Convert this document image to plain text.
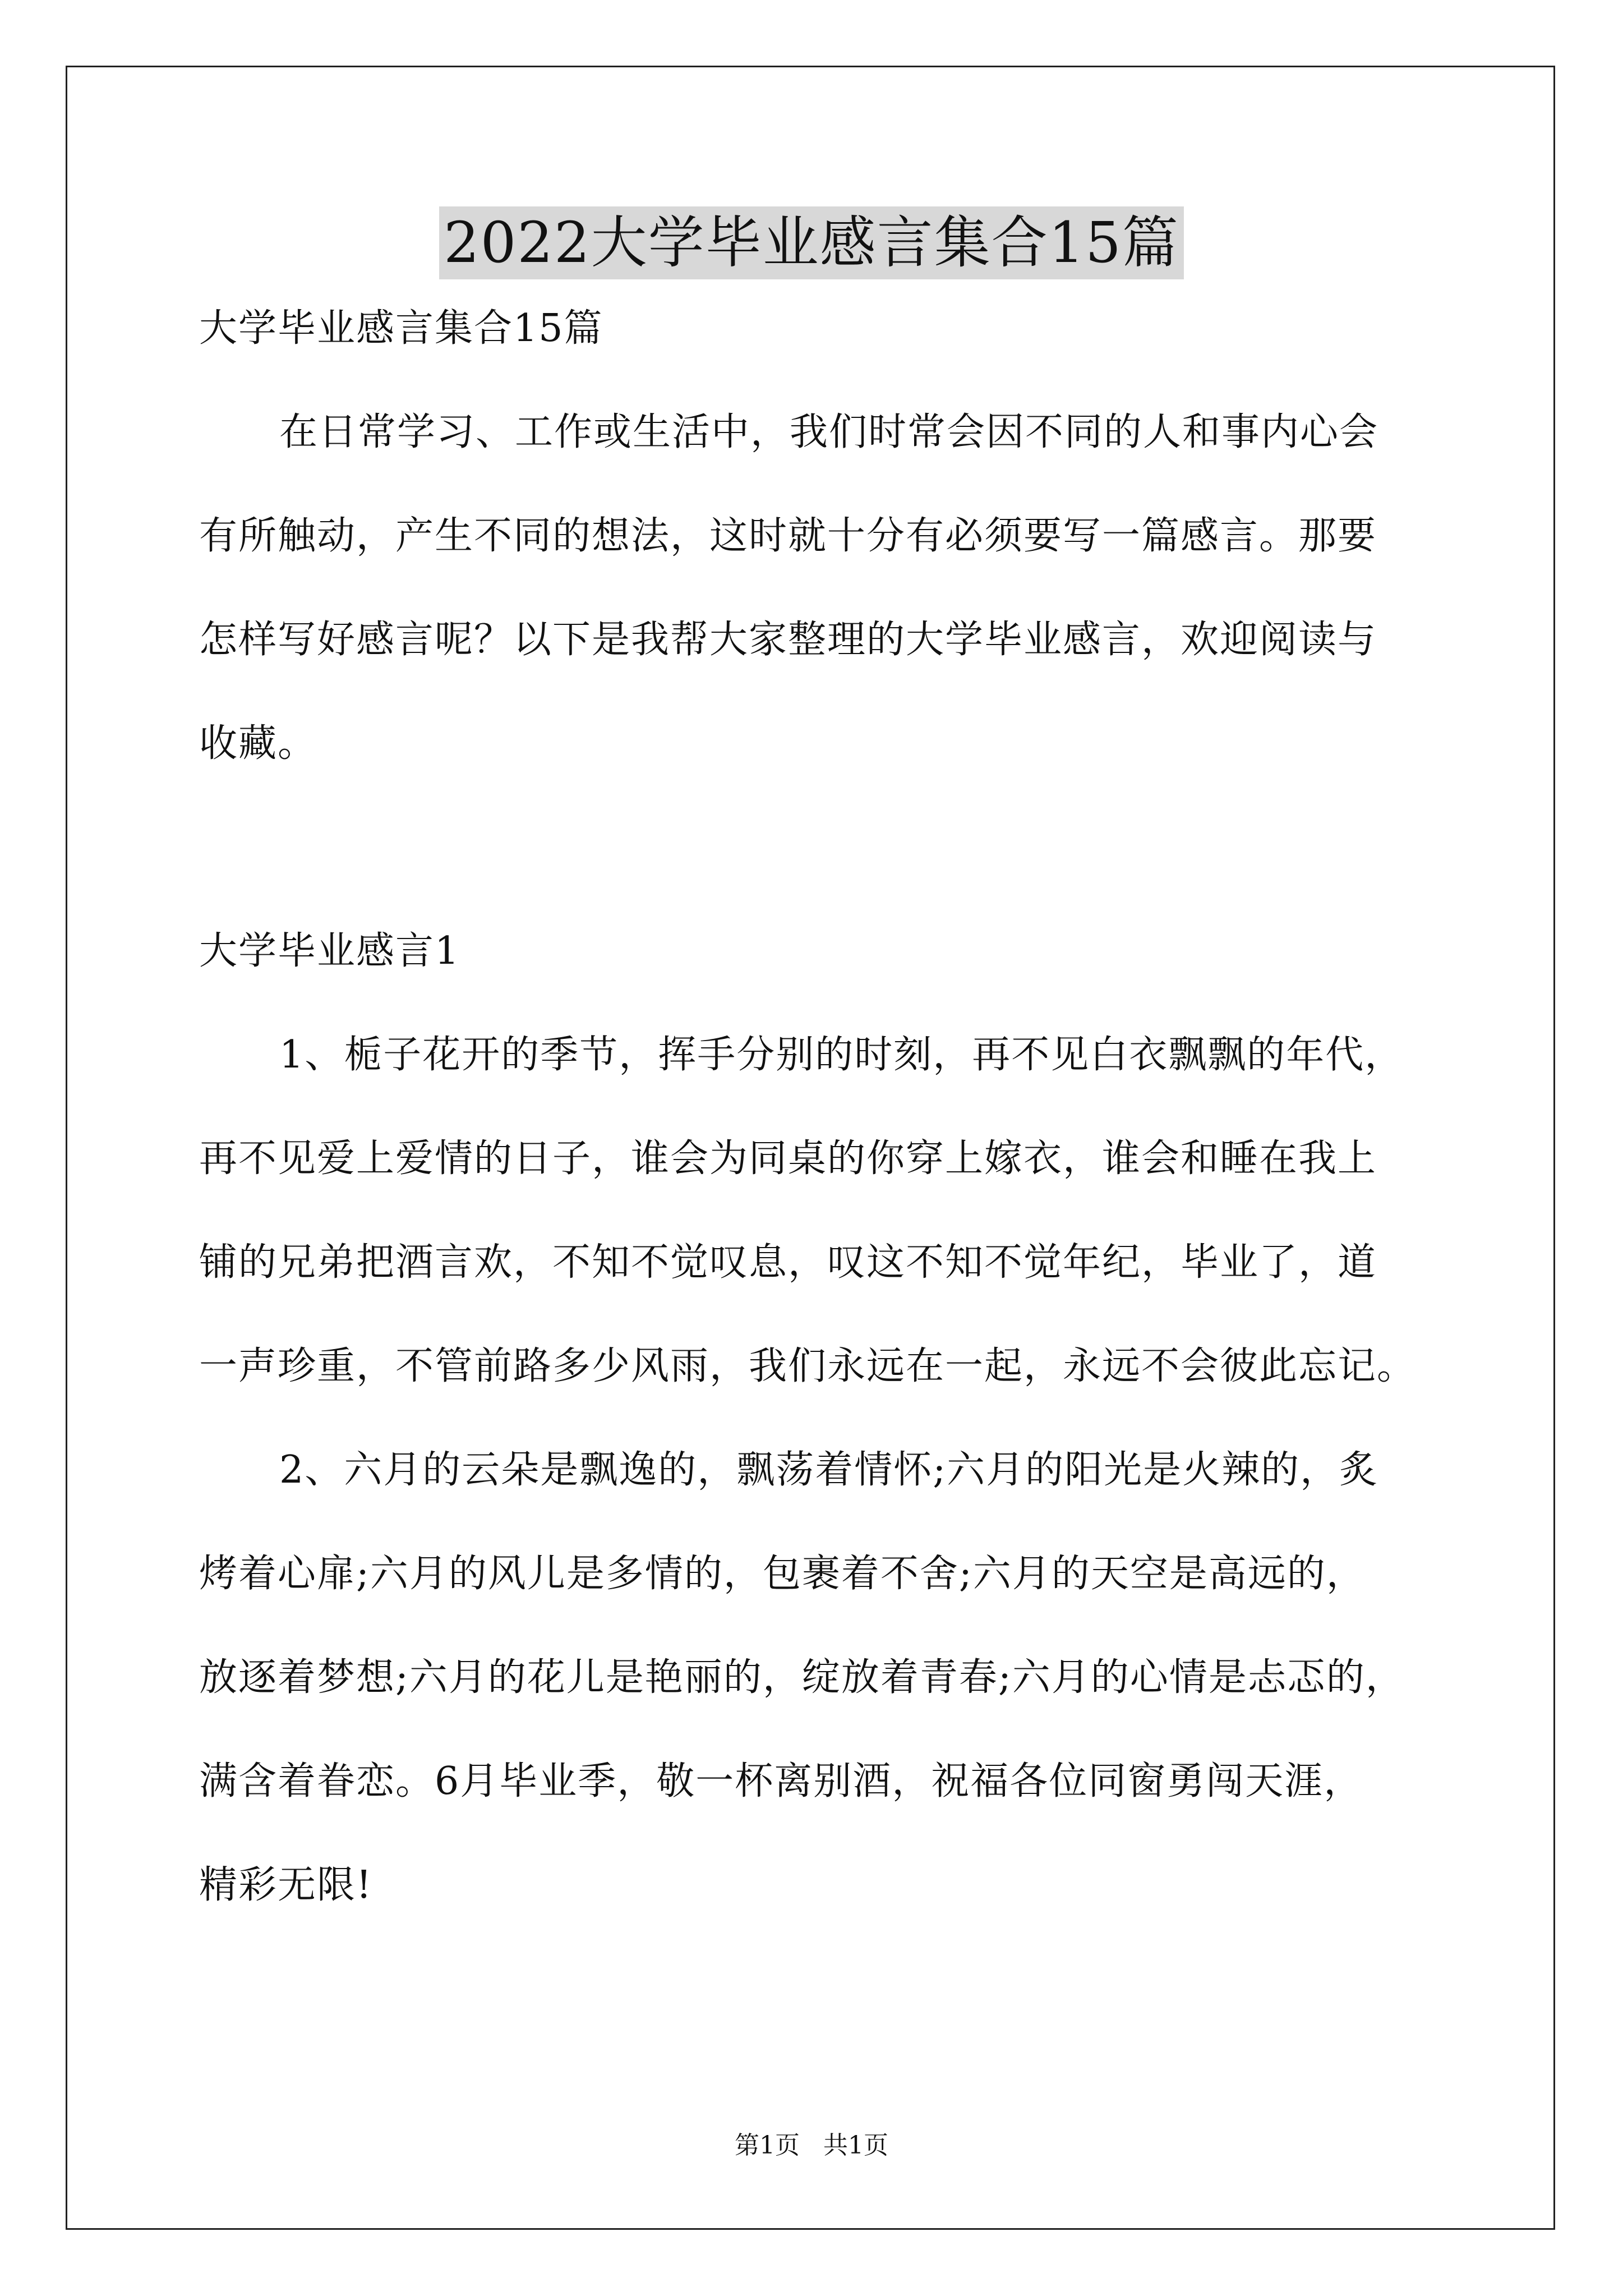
2022大学毕业感言集合15篇
大学毕业感言集合15篇
在日常学习、工作或生活中，我们时常会因不同的人和事内心会
有所触动，产生不同的想法，这时就十分有必须要写一篇感言。那要
怎样写好感言呢？以下是我帮大家整理的大学毕业感言，欢迎阅读与
收藏。
大学毕业感言1
1、栀子花开的季节，挥手分别的时刻，再不见白衣飘飘的年代，
再不见爱上爱情的日子，谁会为同桌的你穿上嫁衣，谁会和睡在我上
铺的兄弟把酒言欢，不知不觉叹息，叹这不知不觉年纪，毕业了，道
一声珍重，不管前路多少风雨，我们永远在一起，永远不会彼此忘记。
2、六月的云朵是飘逸的，飘荡着情怀;六月的阳光是火辣的，炙
烤着心扉;六月的风儿是多情的，包裹着不舍;六月的天空是高远的，
放逐着梦想;六月的花儿是艳丽的，绽放着青春;六月的心情是忐忑的，
满含着眷恋。6月毕业季，敬一杯离别酒，祝福各位同窗勇闯天涯，
精彩无限!
第1页 共1页
